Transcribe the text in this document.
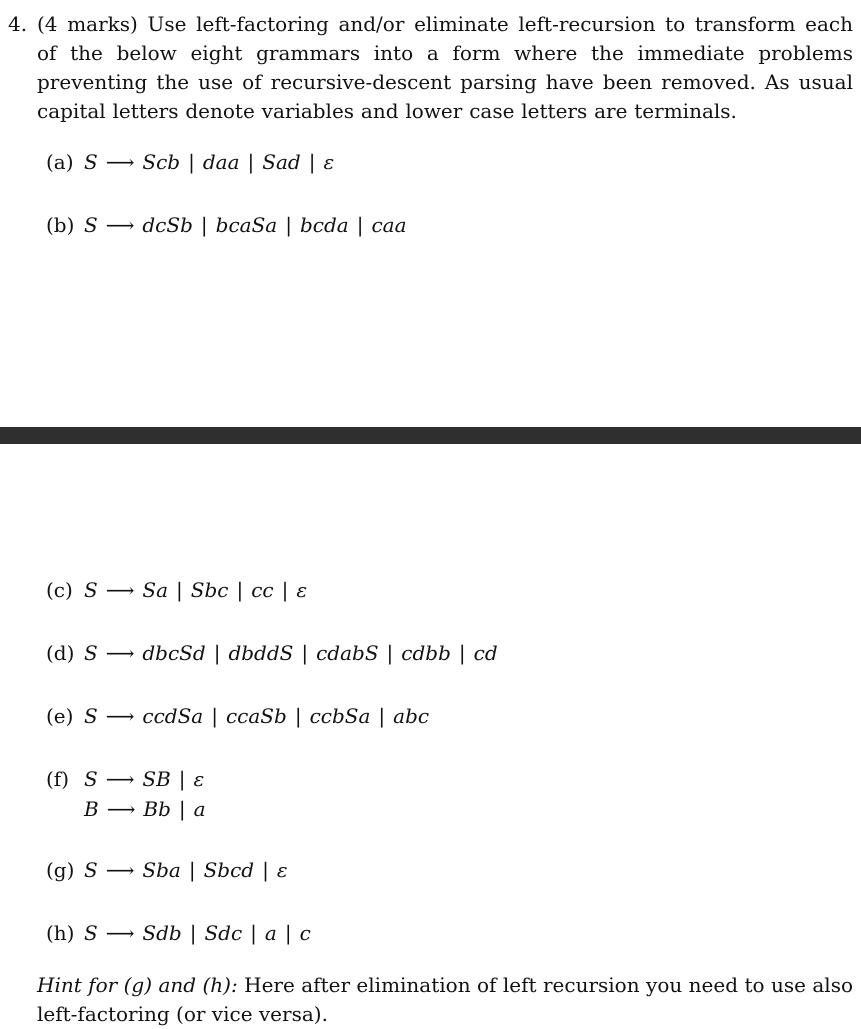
4. (4 marks) Use left-factoring and/or eliminate left-recursion to transform each of the below eight grammars into a form where the immediate problems preventing the use of recursive-descent parsing have been removed. As usual capital letters denote variables and lower case letters are terminals.
(a) S ⟶ Scb | daa | Sad | ε
(b) S ⟶ dcSb | bcaSa | bcda | caa
(c) S ⟶ Sa | Sbc | cc | ε
(d) S ⟶ dbcSd | dbddS | cdabS | cdbb | cd
(e) S ⟶ ccdSa | ccaSb | ccbSa | abc
(f) S ⟶ SB | ε
B ⟶ Bb | a
(g) S ⟶ Sba | Sbcd | ε
(h) S ⟶ Sdb | Sdc | a | c
Hint for (g) and (h): Here after elimination of left recursion you need to use also left-factoring (or vice versa).
